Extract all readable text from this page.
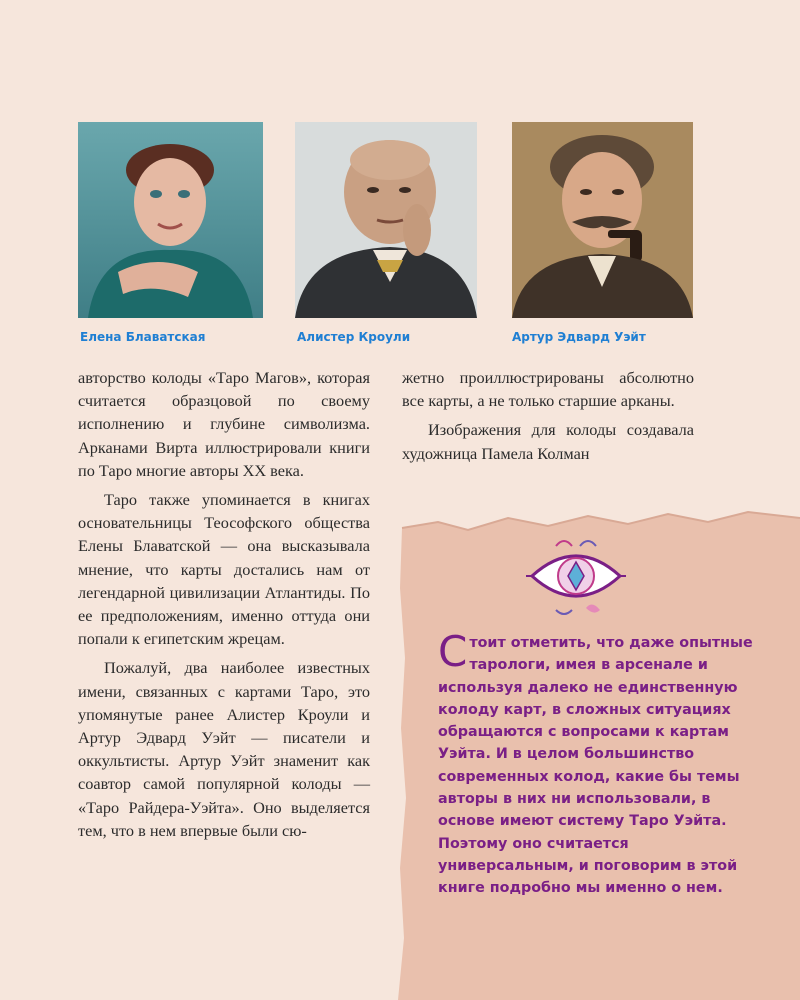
Елена Блаватская	Алистер Кроули	Артур Эдвард Уэйт

авторство колоды «Таро Магов», которая считается образцовой по своему исполнению и глубине символизма. Арканами Вирта иллюстрировали книги по Таро многие авторы XX века.

Таро также упоминается в книгах основательницы Теософского общества Елены Блаватской — она высказывала мнение, что карты достались нам от легендарной цивилизации Атлантиды. По ее предположениям, именно оттуда они попали к египетским жрецам.

Пожалуй, два наиболее известных имени, связанных с картами Таро, это упомянутые ранее Алистер Кроули и Артур Эдвард Уэйт — писатели и оккультисты. Артур Уэйт знаменит как соавтор самой популярной колоды — «Таро Райдера-Уэйта». Оно выделяется тем, что в нем впервые были сю-

жетно проиллюстрированы абсолютно все карты, а не только старшие арканы.

Изображения для колоды создавала художница Памела Колман

Стоит отметить, что даже опытные тарологи, имея в арсенале и используя далеко не единственную колоду карт, в сложных ситуациях обращаются с вопросами к картам Уэйта. И в целом большинство современных колод, какие бы темы авторы в них ни использовали, в основе имеют систему Таро Уэйта. Поэтому оно считается универсальным, и поговорим в этой книге подробно мы именно о нем.
